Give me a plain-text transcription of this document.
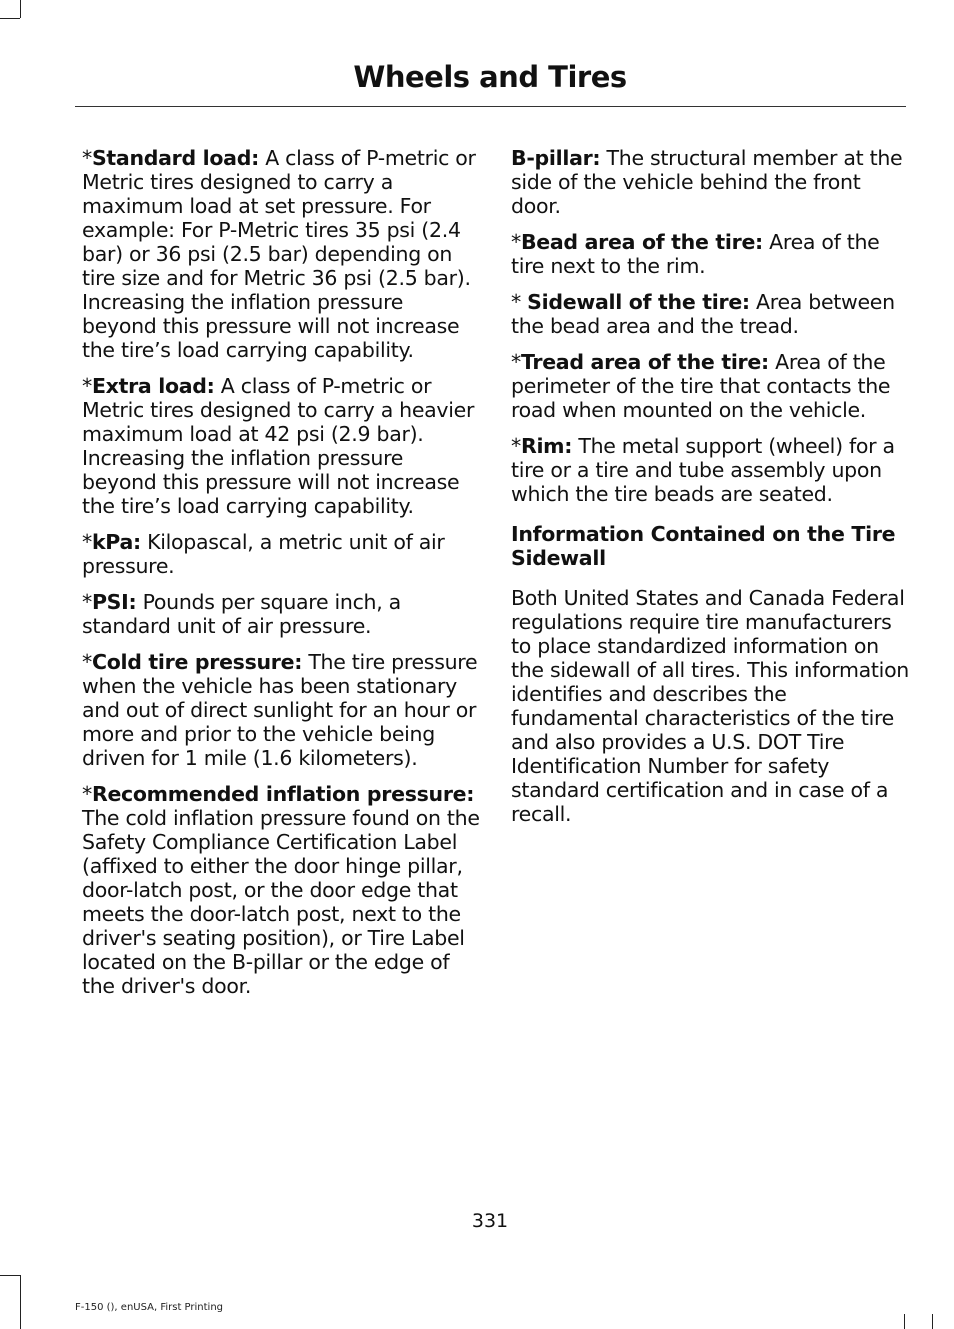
Wheels and Tires

*Standard load: A class of P-metric or Metric tires designed to carry a maximum load at set pressure. For example: For P-Metric tires 35 psi (2.4 bar) or 36 psi (2.5 bar) depending on tire size and for Metric 36 psi (2.5 bar). Increasing the inflation pressure beyond this pressure will not increase the tire’s load carrying capability.

*Extra load: A class of P-metric or Metric tires designed to carry a heavier maximum load at 42 psi (2.9 bar). Increasing the inflation pressure beyond this pressure will not increase the tire’s load carrying capability.

*kPa: Kilopascal, a metric unit of air pressure.

*PSI: Pounds per square inch, a standard unit of air pressure.

*Cold tire pressure: The tire pressure when the vehicle has been stationary and out of direct sunlight for an hour or more and prior to the vehicle being driven for 1 mile (1.6 kilometers).

*Recommended inflation pressure: The cold inflation pressure found on the Safety Compliance Certification Label (affixed to either the door hinge pillar, door-latch post, or the door edge that meets the door-latch post, next to the driver's seating position), or Tire Label located on the B-pillar or the edge of the driver's door.

B-pillar: The structural member at the side of the vehicle behind the front door.

*Bead area of the tire: Area of the tire next to the rim.

* Sidewall of the tire: Area between the bead area and the tread.

*Tread area of the tire: Area of the perimeter of the tire that contacts the road when mounted on the vehicle.

*Rim: The metal support (wheel) for a tire or a tire and tube assembly upon which the tire beads are seated.

Information Contained on the Tire Sidewall

Both United States and Canada Federal regulations require tire manufacturers to place standardized information on the sidewall of all tires. This information identifies and describes the fundamental characteristics of the tire and also provides a U.S. DOT Tire Identification Number for safety standard certification and in case of a recall.

331
F-150 (), enUSA, First Printing
